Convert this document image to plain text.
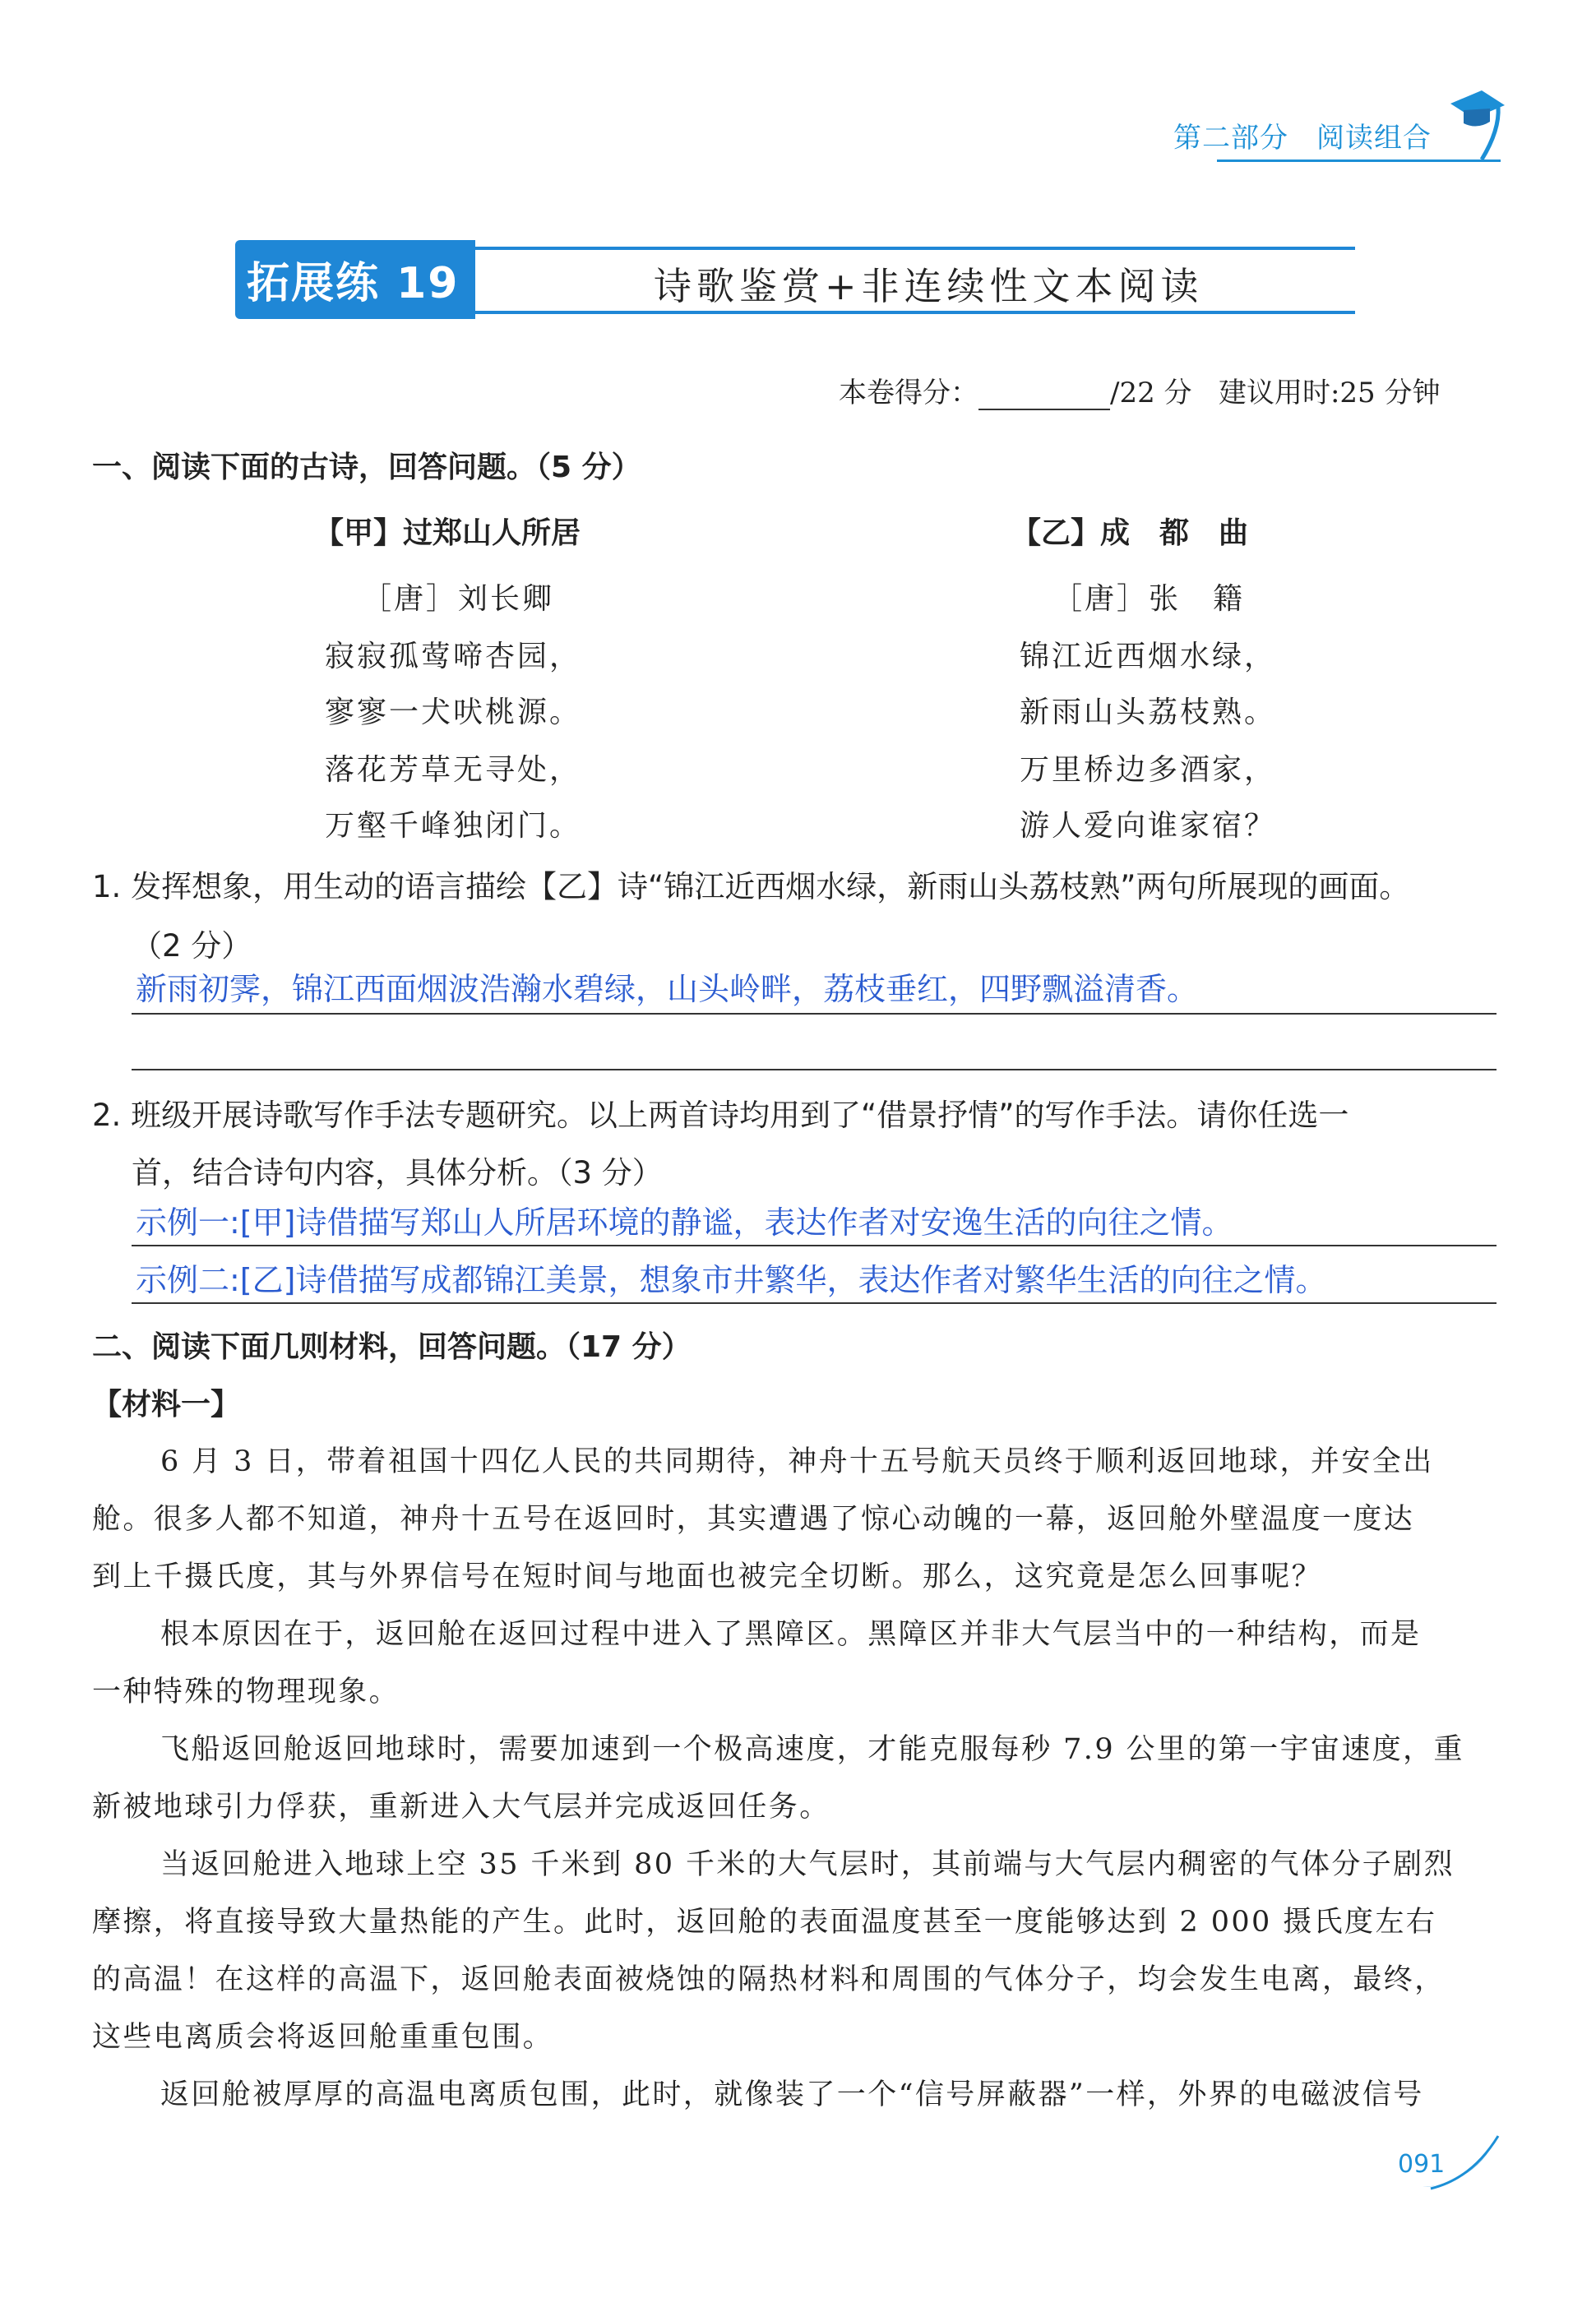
第二部分 阅读组合
拓展练 19	诗歌鉴赏+非连续性文本阅读
本卷得分：	/22 分 建议用时:25 分钟
一、阅读下面的古诗，回答问题。（5 分）
【甲】过郑山人所居
［唐］刘长卿
寂寂孤莺啼杏园，
寥寥一犬吠桃源。
落花芳草无寻处，
万壑千峰独闭门。
【乙】成　都　曲
［唐］张　籍
锦江近西烟水绿，
新雨山头荔枝熟。
万里桥边多酒家，
游人爱向谁家宿？
1. 发挥想象，用生动的语言描绘【乙】诗“锦江近西烟水绿，新雨山头荔枝熟”两句所展现的画面。
（2 分）
新雨初霁，锦江西面烟波浩瀚水碧绿，山头岭畔，荔枝垂红，四野飘溢清香。
2. 班级开展诗歌写作手法专题研究。以上两首诗均用到了“借景抒情”的写作手法。请你任选一
首，结合诗句内容，具体分析。（3 分）
示例一:[甲]诗借描写郑山人所居环境的静谧，表达作者对安逸生活的向往之情。
示例二:[乙]诗借描写成都锦江美景，想象市井繁华，表达作者对繁华生活的向往之情。
二、阅读下面几则材料，回答问题。（17 分）
【材料一】
6 月 3 日，带着祖国十四亿人民的共同期待，神舟十五号航天员终于顺利返回地球，并安全出
舱。很多人都不知道，神舟十五号在返回时，其实遭遇了惊心动魄的一幕，返回舱外壁温度一度达
到上千摄氏度，其与外界信号在短时间与地面也被完全切断。那么，这究竟是怎么回事呢？
根本原因在于，返回舱在返回过程中进入了黑障区。黑障区并非大气层当中的一种结构，而是
一种特殊的物理现象。
飞船返回舱返回地球时，需要加速到一个极高速度，才能克服每秒 7.9 公里的第一宇宙速度，重
新被地球引力俘获，重新进入大气层并完成返回任务。
当返回舱进入地球上空 35 千米到 80 千米的大气层时，其前端与大气层内稠密的气体分子剧烈
摩擦，将直接导致大量热能的产生。此时，返回舱的表面温度甚至一度能够达到 2 000 摄氏度左右
的高温！在这样的高温下，返回舱表面被烧蚀的隔热材料和周围的气体分子，均会发生电离，最终，
这些电离质会将返回舱重重包围。
返回舱被厚厚的高温电离质包围，此时，就像装了一个“信号屏蔽器”一样，外界的电磁波信号
091
